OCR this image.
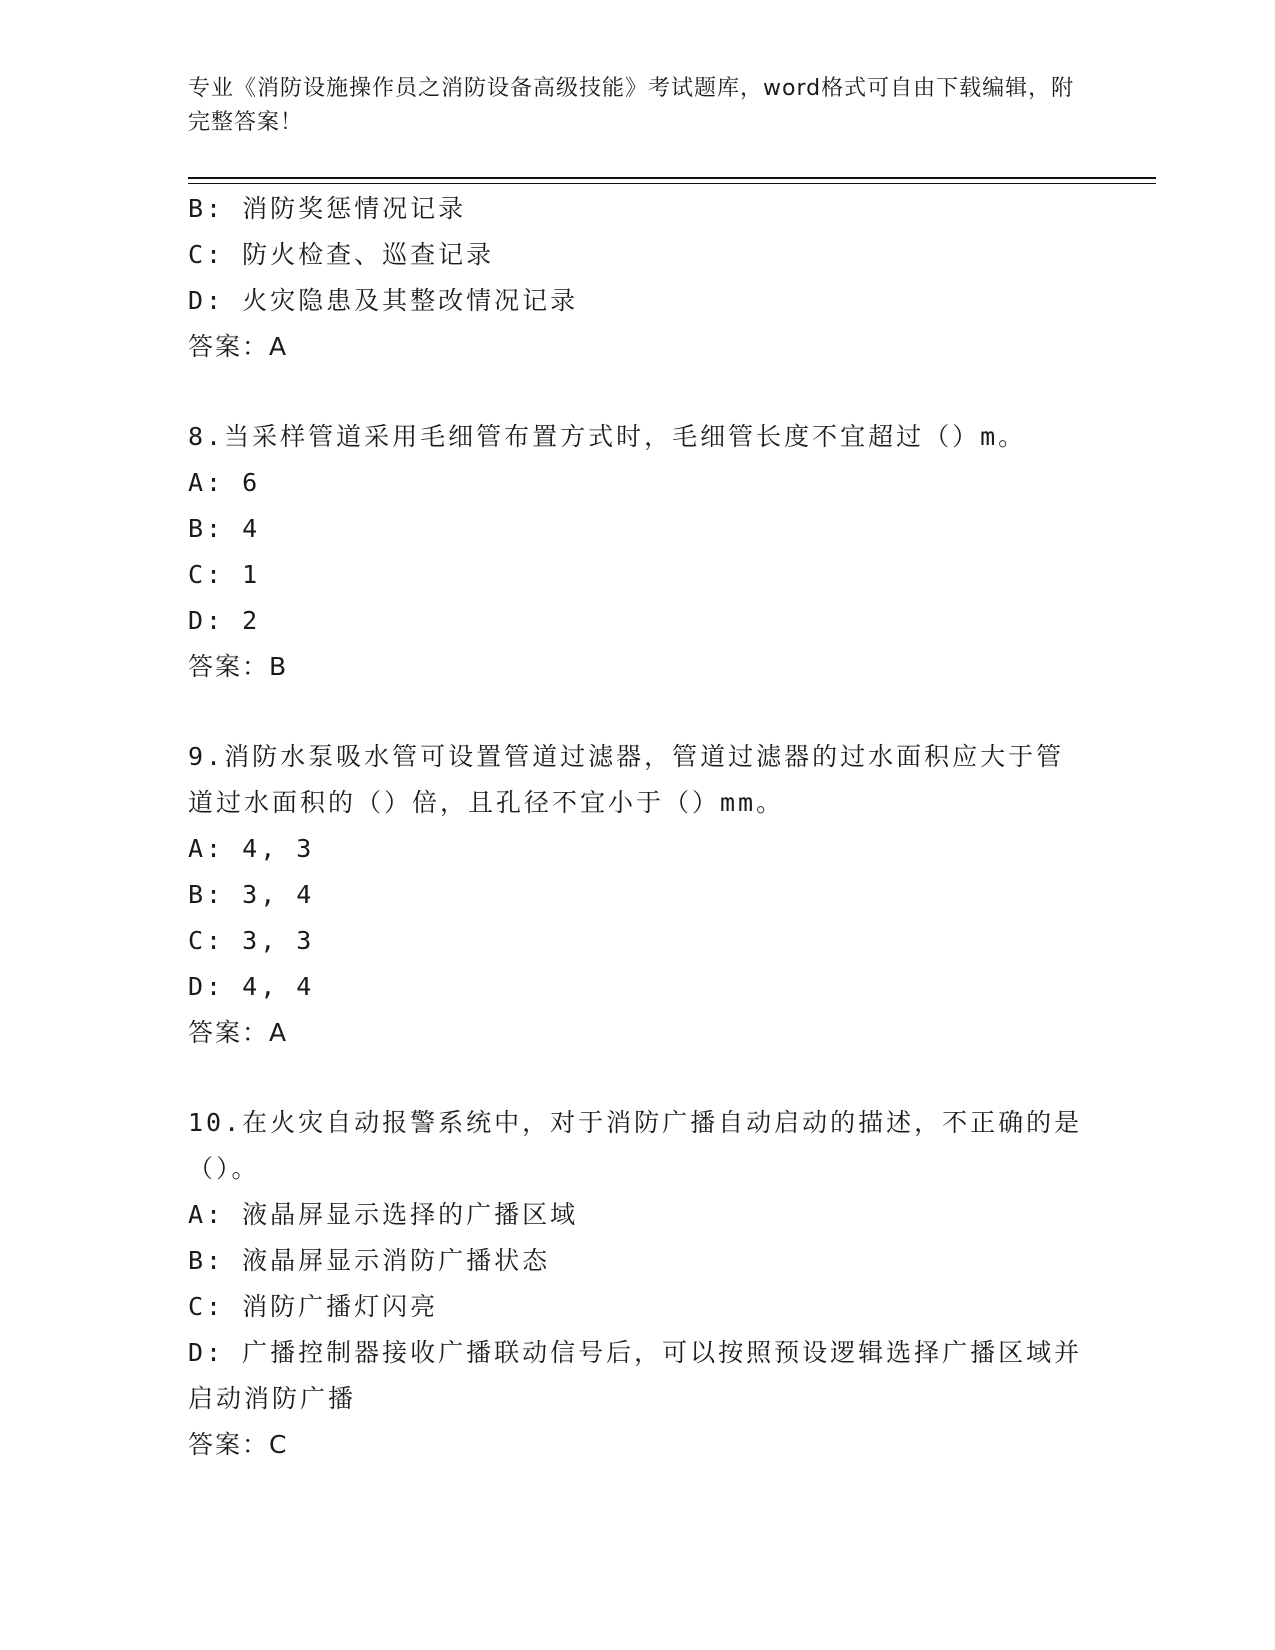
专业《消防设施操作员之消防设备高级技能》考试题库，word格式可自由下载编辑，附完整答案！
B: 消防奖惩情况记录
C: 防火检查、巡查记录
D: 火灾隐患及其整改情况记录
答案：A
8.当采样管道采用毛细管布置方式时，毛细管长度不宜超过（）m。
A: 6
B: 4
C: 1
D: 2
答案：B
9.消防水泵吸水管可设置管道过滤器，管道过滤器的过水面积应大于管道过水面积的（）倍，且孔径不宜小于（）mm。
A: 4, 3
B: 3, 4
C: 3, 3
D: 4, 4
答案：A
10.在火灾自动报警系统中，对于消防广播自动启动的描述，不正确的是（）。
A: 液晶屏显示选择的广播区域
B: 液晶屏显示消防广播状态
C: 消防广播灯闪亮
D: 广播控制器接收广播联动信号后，可以按照预设逻辑选择广播区域并启动消防广播
答案：C
